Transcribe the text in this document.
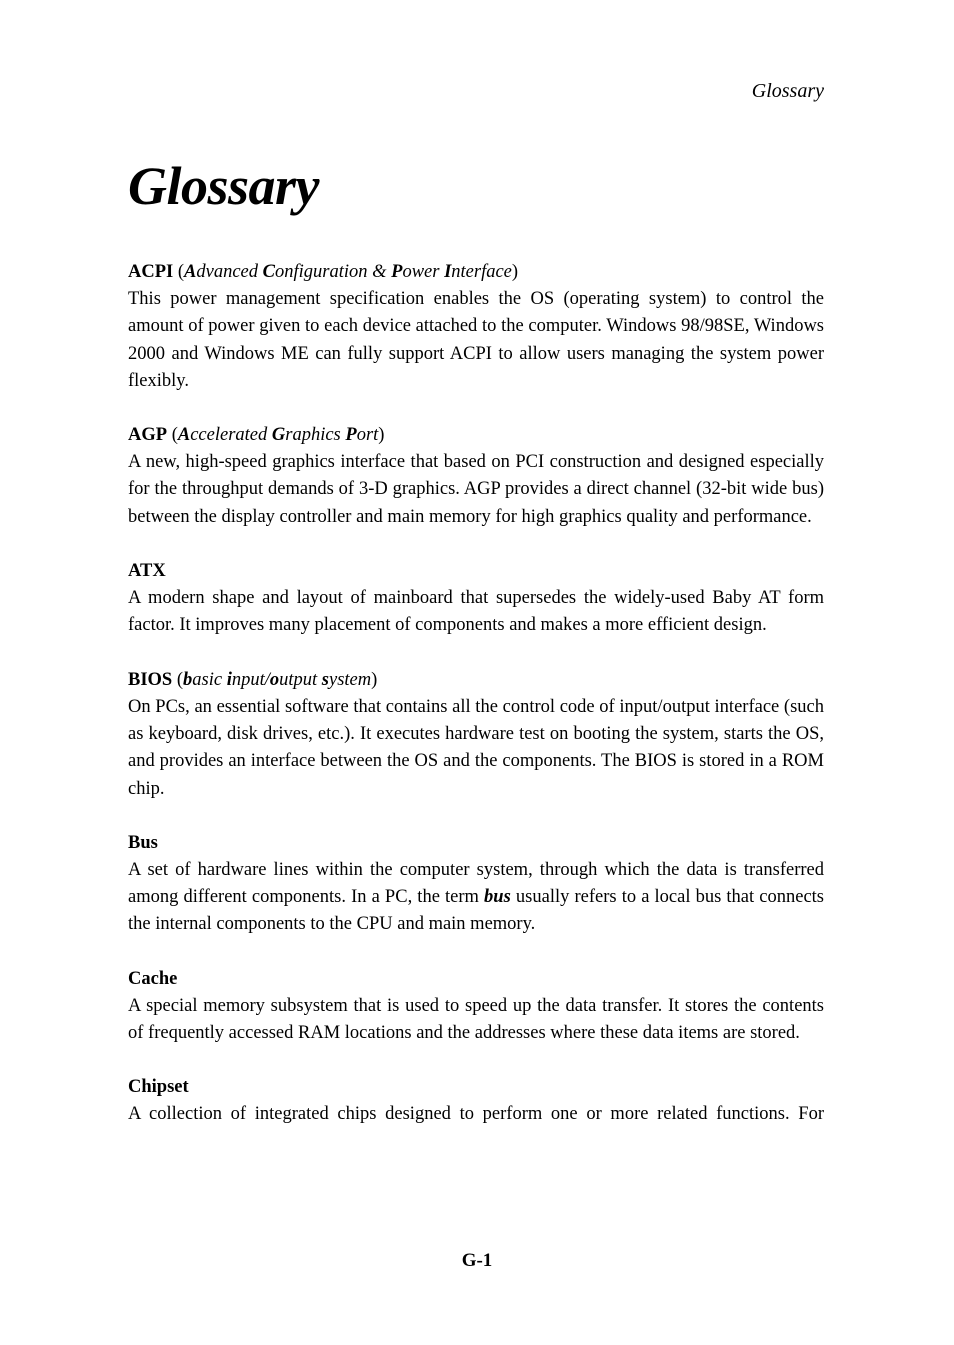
Glossary
Glossary
ACPI (Advanced Configuration & Power Interface)

This power management specification enables the OS (operating system) to control the amount of power given to each device attached to the computer. Windows 98/98SE, Windows 2000 and Windows ME can fully support ACPI to allow users managing the system power flexibly.

AGP (Accelerated Graphics Port)

A new, high-speed graphics interface that based on PCI construction and designed especially for the throughput demands of 3-D graphics. AGP provides a direct channel (32-bit wide bus) between the display controller and main memory for high graphics quality and performance.

ATX

A modern shape and layout of mainboard that supersedes the widely-used Baby AT form factor. It improves many placement of components and makes a more efficient design.

BIOS (basic input/output system)

On PCs, an essential software that contains all the control code of input/output interface (such as keyboard, disk drives, etc.). It executes hardware test on booting the system, starts the OS, and provides an interface between the OS and the components. The BIOS is stored in a ROM chip.

Bus

A set of hardware lines within the computer system, through which the data is transferred among different components. In a PC, the term bus usually refers to a local bus that connects the internal components to the CPU and main memory.

Cache

A special memory subsystem that is used to speed up the data transfer. It stores the contents of frequently accessed RAM locations and the addresses where these data items are stored.

Chipset

A collection of integrated chips designed to perform one or more related functions. For

G-1
